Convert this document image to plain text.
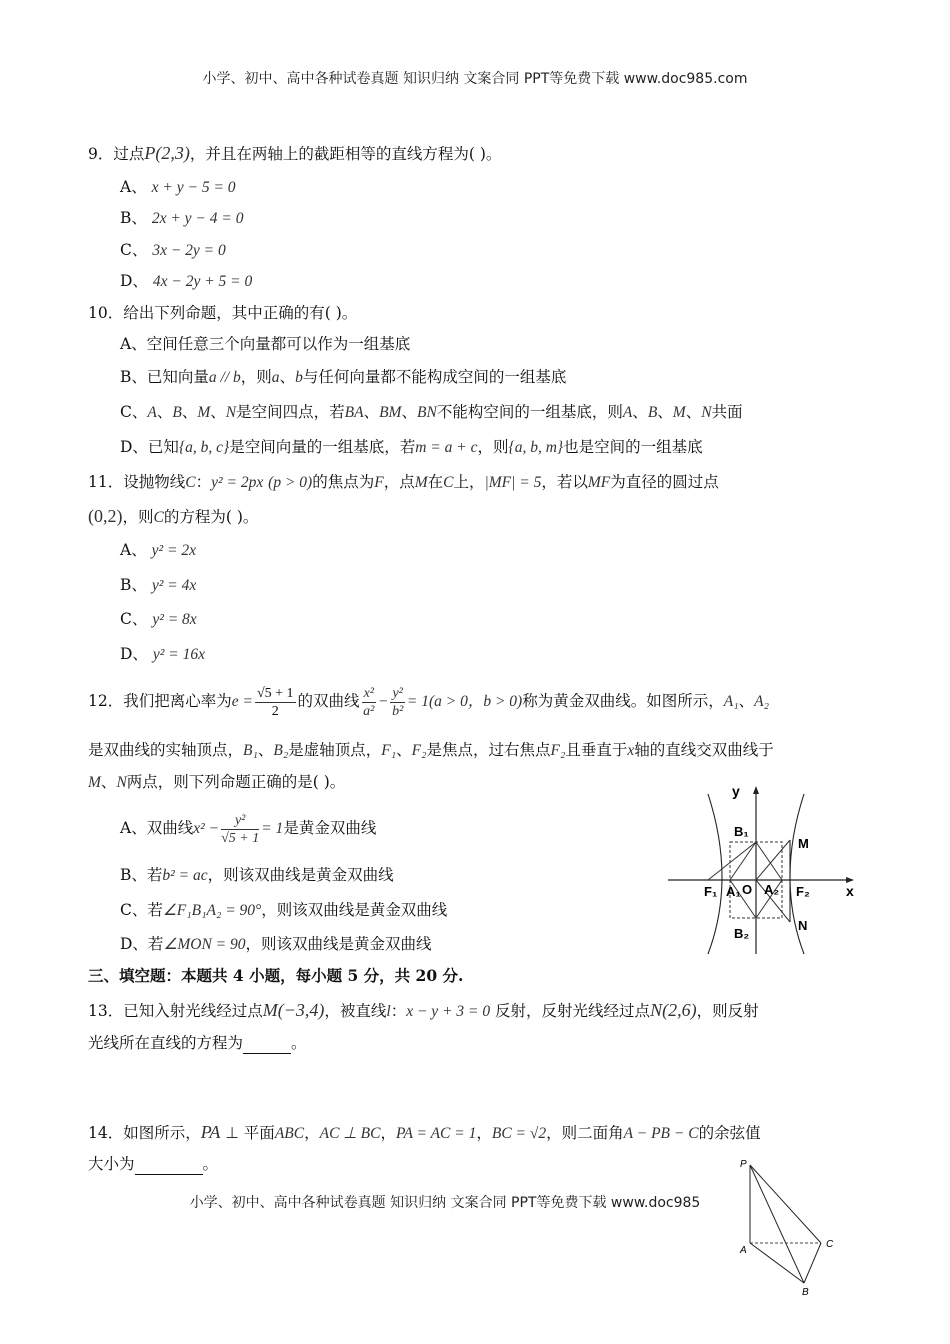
小学、初中、高中各种试卷真题 知识归纳 文案合同 PPT等免费下载 www.doc985.com
9．过点P(2,3)，并且在两轴上的截距相等的直线方程为( )。
A、 x + y − 5 = 0
B、 2x + y − 4 = 0
C、 3x − 2y = 0
D、 4x − 2y + 5 = 0
10．给出下列命题，其中正确的有( )。
A、空间任意三个向量都可以作为一组基底
B、已知向量a // b，则a、b与任何向量都不能构成空间的一组基底
C、A、B、M、N是空间四点，若BA、BM、BN不能构空间的一组基底，则A、B、M、N共面
D、已知{a, b, c}是空间向量的一组基底，若m = a + c，则{a, b, m}也是空间的一组基底
11．设抛物线C：y² = 2px (p > 0)的焦点为F，点M在C上，|MF| = 5，若以MF为直径的圆过点
(0,2)，则C的方程为( )。
A、 y² = 2x
B、 y² = 4x
C、 y² = 8x
D、 y² = 16x
12．我们把离心率为$e = \frac{√5 + 1}{2}$ 的双曲线 $\frac{\text{x²}}{\text{a²}} - \frac{\text{y²}}{\text{b²}} = 1(a > 0$，b > 0)称为黄金双曲线。如图所示，A₁、A₂
是双曲线的实轴顶点，B₁、B₂是虚轴顶点，F₁、F₂是焦点，过右焦点F₂且垂直于x轴的直线交双曲线于
M、N两点，则下列命题正确的是( )。
A、双曲线$x^2 - \frac{\text{y²}}{√5 + 1} = 1$是黄金双曲线
B、若b² = ac，则该双曲线是黄金双曲线
C、若∠F₁B₁A₂ = 90°，则该双曲线是黄金双曲线
D、若∠MON = 90，则该双曲线是黄金双曲线
y
x
B₁
B₂
M
N
F₁ A₁ O A₂ F₂
三、填空题：本题共 4 小题，每小题 5 分，共 20 分.
13．已知入射光线经过点M(−3,4)，被直线l：x − y + 3 = 0 反射，反射光线经过点N(2,6)，则反射
光线所在直线的方程为	。
14．如图所示，PA ⊥ 平面ABC，AC ⊥ BC，PA = AC = 1，BC = √2，则二面角A − PB − C的余弦值
大小为	。
小学、初中、高中各种试卷真题 知识归纳 文案合同 PPT等免费下载 www.doc985
P
A
C
B
